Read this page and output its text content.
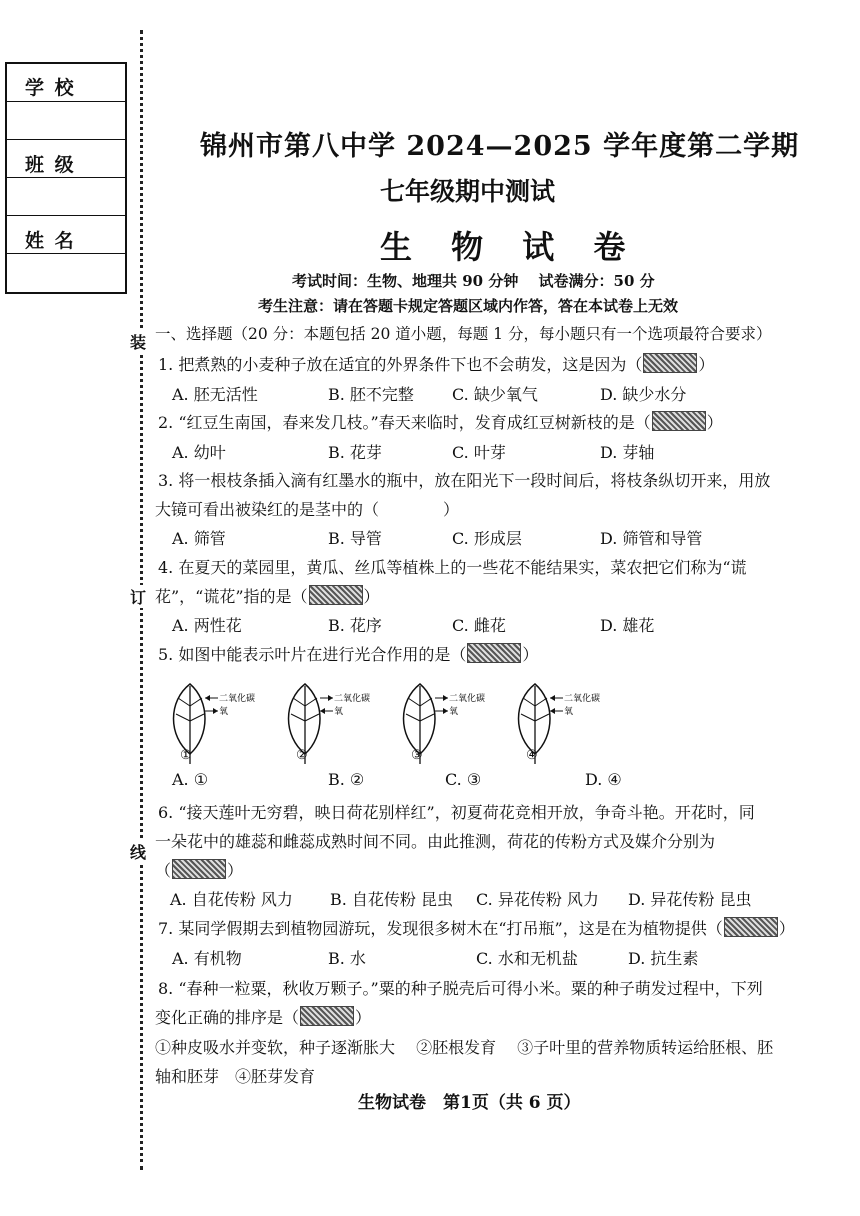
学 校
班 级
姓 名
装
订
线
锦州市第八中学 2024—2025 学年度第二学期
七年级期中测试
生 物 试 卷
考试时间：生物、地理共 90 分钟　 试卷满分：50 分
考生注意：请在答题卡规定答题区域内作答，答在本试卷上无效
一、选择题（20 分：本题包括 20 道小题，每题 1 分，每小题只有一个选项最符合要求）
1. 把煮熟的小麦种子放在适宜的外界条件下也不会萌发，这是因为（	）
A. 胚无活性	B. 胚不完整 C. 缺少氧气	D. 缺少水分
2. “红豆生南国，春来发几枝。”春天来临时，发育成红豆树新枝的是（	）
A. 幼叶	B. 花芽	C. 叶芽	D. 芽轴
3. 将一根枝条插入滴有红墨水的瓶中，放在阳光下一段时间后，将枝条纵切开来，用放
大镜可看出被染红的是茎中的（　　　　）
A. 筛管	B. 导管	C. 形成层	D. 筛管和导管
4. 在夏天的菜园里，黄瓜、丝瓜等植株上的一些花不能结果实，菜农把它们称为“谎
花”，“谎花”指的是（	）
A. 两性花	B. 花序	C. 雌花	D. 雄花
5. 如图中能表示叶片在进行光合作用的是（	）
二氧化碳
氧
二氧化碳
氧
二氧化碳
氧
二氧化碳
氧
①	②	③	④
A. ①	B. ②	C. ③	D. ④
6. “接天莲叶无穷碧，映日荷花别样红”，初夏荷花竞相开放，争奇斗艳。开花时，同
一朵花中的雄蕊和雌蕊成熟时间不同。由此推测，荷花的传粉方式及媒介分别为
（	）
A. 自花传粉 风力 B. 自花传粉 昆虫 C. 异花传粉 风力 D. 异花传粉 昆虫
7. 某同学假期去到植物园游玩，发现很多树木在“打吊瓶”，这是在为植物提供（	）
A. 有机物	B. 水	C. 水和无机盐	D. 抗生素
8. “春种一粒粟，秋收万颗子。”粟的种子脱壳后可得小米。粟的种子萌发过程中，下列
变化正确的排序是（	）
①种皮吸水并变软，种子逐渐胀大　 ②胚根发育　 ③子叶里的营养物质转运给胚根、胚
轴和胚芽　④胚芽发育
生物试卷　第1页（共 6 页）
